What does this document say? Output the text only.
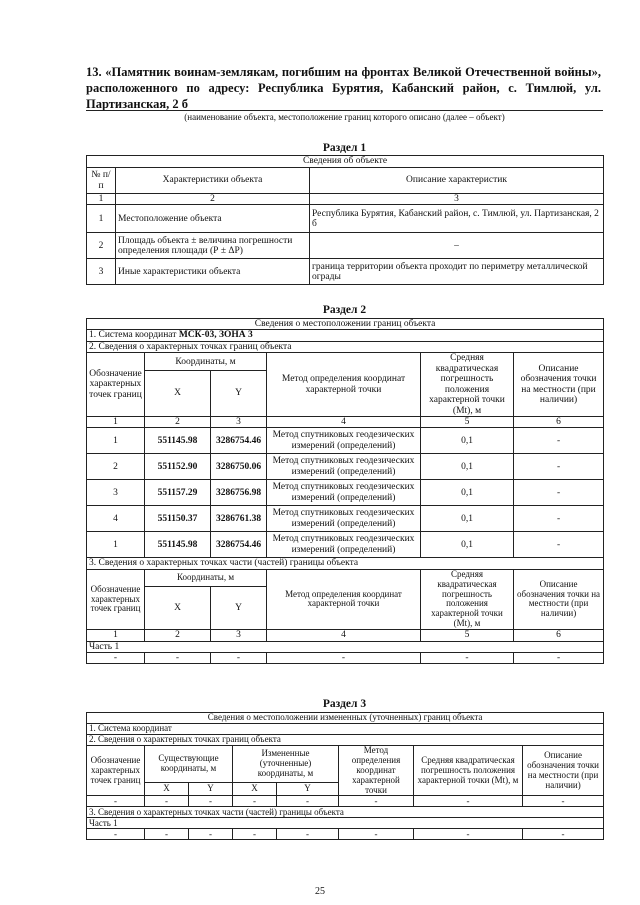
13. «Памятник воинам-землякам, погибшим на фронтах Великой Отечественной войны», расположенного по адресу: Республика Бурятия, Кабанский район, с. Тимлюй, ул. Партизанская, 2 б
(наименование объекта, местоположение границ которого описано (далее – объект)
Раздел 1
Сведения об объекте		
№ п/п	Характеристики объекта	Описание характеристик
1	2	3
1	Местоположение объекта	Республика Бурятия, Кабанский район, с. Тимлюй, ул. Партизанская, 2 б
2	Площадь объекта ± величина погрешности определения площади (Р ± ΔР)	–
3	Иные характеристики объекта	граница территории объекта проходит по периметру металлической ограды
Раздел 2
Сведения о местоположении границ объекта					
1. Система координат МСК-03, ЗОНА 3					
2. Сведения о характерных точках границ объекта					
Обозначение характерных точек границ	Координаты, м		Метод определения координат характерной точки	Средняя квадратическая погрешность положения характерной точки (Mt), м	Описание обозначения точки на местности (при наличии)
	X	Y			
1	2	3	4	5	6
1	551145.98	3286754.46	Метод спутниковых геодезических измерений (определений)	0,1	-
2	551152.90	3286750.06	Метод спутниковых геодезических измерений (определений)	0,1	-
3	551157.29	3286756.98	Метод спутниковых геодезических измерений (определений)	0,1	-
4	551150.37	3286761.38	Метод спутниковых геодезических измерений (определений)	0,1	-
1	551145.98	3286754.46	Метод спутниковых геодезических измерений (определений)	0,1	-
3. Сведения о характерных точках части (частей) границы объекта					
Обозначение характерных точек границ	Координаты, м		Метод определения координат характерной точки	Средняя квадратическая погрешность положения характерной точки (Mt), м	Описание обозначения точки на местности (при наличии)
	X	Y			
1	2	3	4	5	6
Часть 1					
-	-	-	-	-	-
Раздел 3
Сведения о местоположении измененных (уточненных) границ объекта							
1. Система координат							
2. Сведения о характерных точках границ объекта							
Обозначение характерных точек границ	Существующие координаты, м		Измененные (уточненные) координаты, м		Метод определения координат характерной точки	Средняя квадратическая погрешность положения характерной точки (Mt), м	Описание обозначения точки на местности (при наличии)
	X	Y	X	Y			
-	-	-	-	-	-	-	-
3. Сведения о характерных точках части (частей) границы объекта							
Часть 1							
-	-	-	-	-	-	-	-
25
